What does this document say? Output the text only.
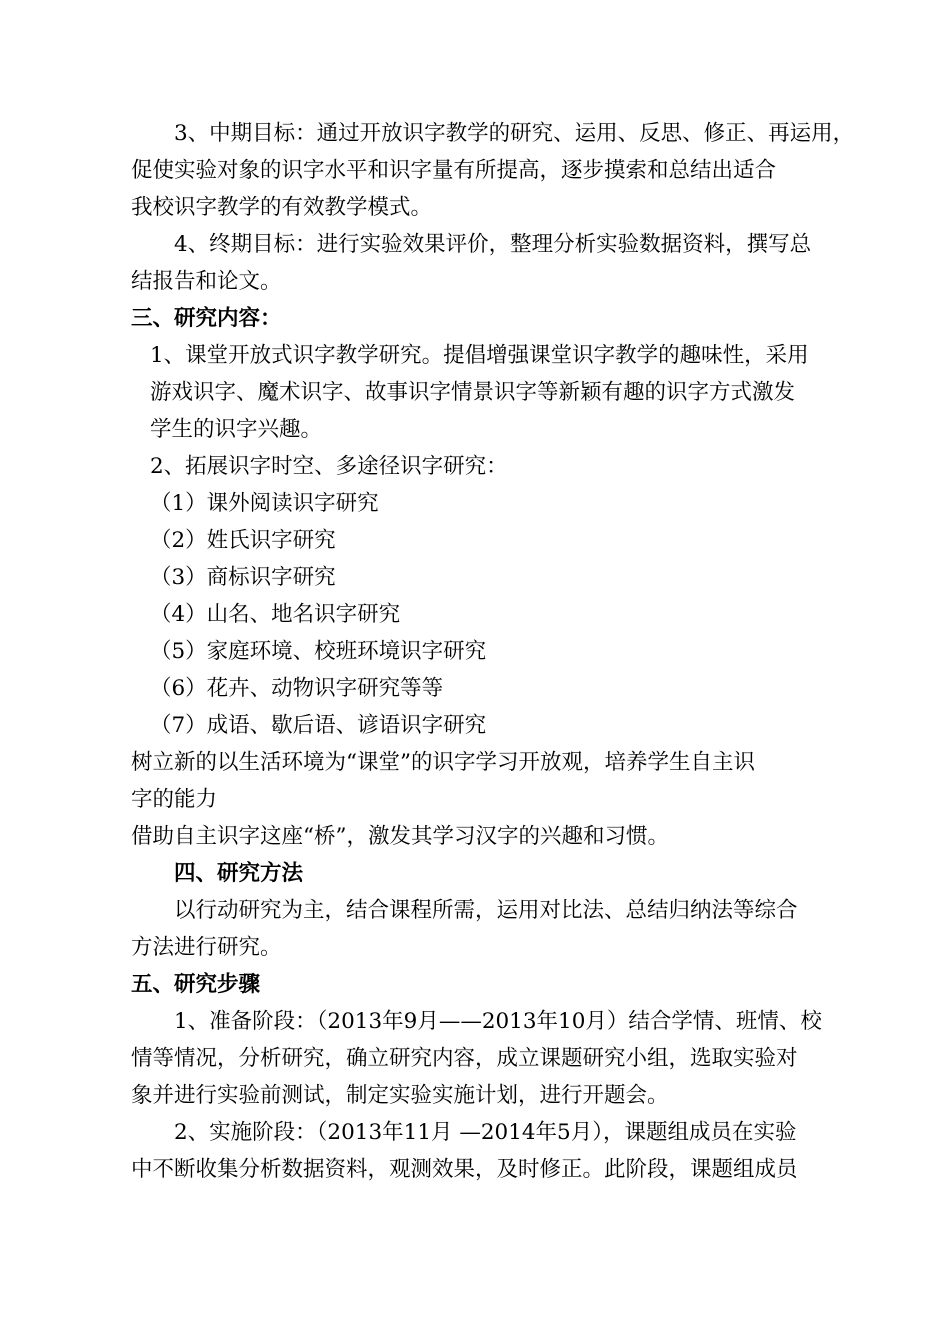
3、中期目标：通过开放识字教学的研究、运用、反思、修正、再运用，

促使实验对象的识字水平和识字量有所提高，逐步摸索和总结出适合

我校识字教学的有效教学模式。

4、终期目标：进行实验效果评价，整理分析实验数据资料，撰写总

结报告和论文。

三、研究内容：

1、课堂开放式识字教学研究。提倡增强课堂识字教学的趣味性，采用

游戏识字、魔术识字、故事识字情景识字等新颖有趣的识字方式激发

学生的识字兴趣。

2、拓展识字时空、多途径识字研究：

（1）课外阅读识字研究

（2）姓氏识字研究

（3）商标识字研究

（4）山名、地名识字研究

（5）家庭环境、校班环境识字研究

（6）花卉、动物识字研究等等

（7）成语、歇后语、谚语识字研究

树立新的以生活环境为“课堂”的识字学习开放观，培养学生自主识

字的能力

借助自主识字这座“桥”，激发其学习汉字的兴趣和习惯。

四、研究方法

以行动研究为主，结合课程所需，运用对比法、总结归纳法等综合

方法进行研究。

五、研究步骤

1、准备阶段：（2013年9月——2013年10月）结合学情、班情、校

情等情况，分析研究，确立研究内容，成立课题研究小组，选取实验对

象并进行实验前测试，制定实验实施计划，进行开题会。

2、实施阶段：（2013年11月 —2014年5月），课题组成员在实验

中不断收集分析数据资料，观测效果，及时修正。此阶段，课题组成员
